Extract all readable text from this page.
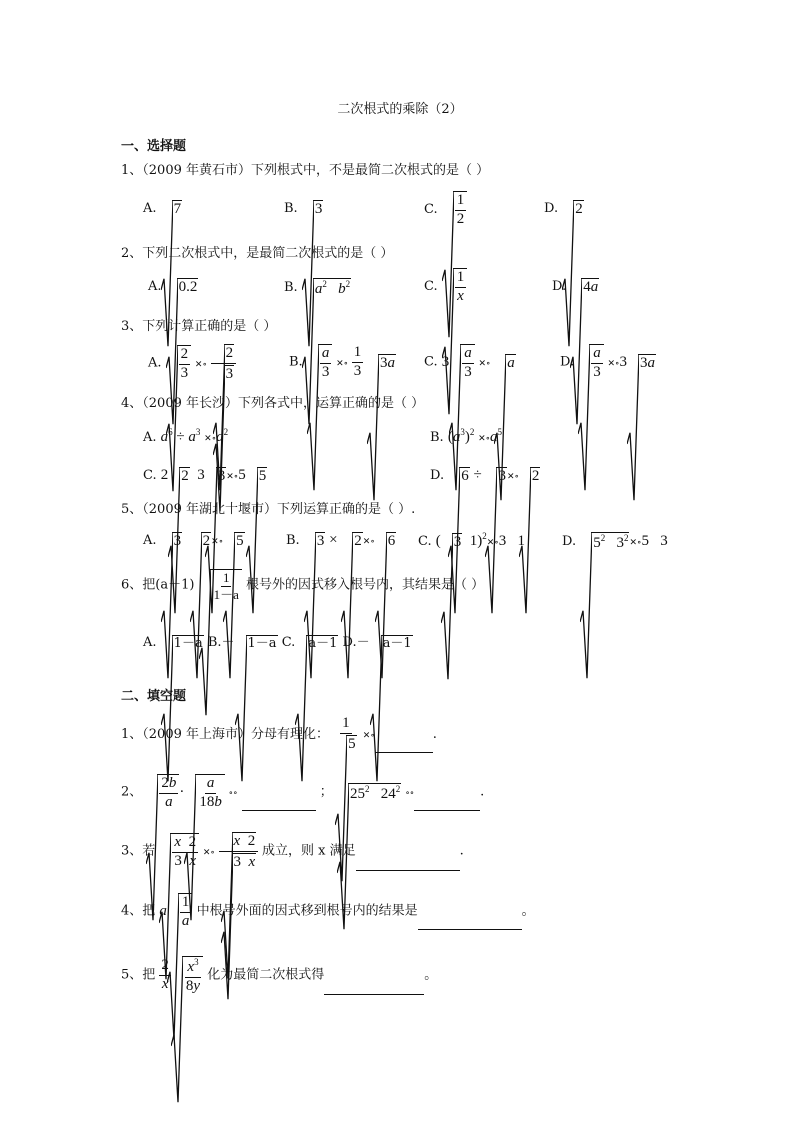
二次根式的乘除（2）
一、选择题
1、（2009 年黄石市）下列根式中，不是最简二次根式的是（ ）
A. 7	B. 3	C. $\frac{1}{2}$	D. 2
2、下列二次根式中，是最简二次根式的是（ ）
A. 0.2	B. $a^2$ $b^2$	C. $\frac{1}{x}$	D. 4a
3、下列计算正确的是（ ）
A. $\frac{2}{3}$ ✕∘ $\frac{2}{3}$	B. $\frac{a}{3}$ ✕∘ $\frac{1}{3}$
3a C. $3 \frac{a}{3}$ ✕∘ a	D. $\frac{a}{3}$ ✕∘3 3a
4、（2009 年长沙）下列各式中，运算正确的是（ ）
A. $a^6 \div a^3$ $✕\circ a^2$	B. $(a^3)^2$ $✕\circ a^5$
C. 2 2  3 3✕∘5 5	D. 6 ÷
3✕∘ 2
5、（2009 年湖北十堰市）下列运算正确的是（ ）.
A. 3 2✕∘ 5	B. 3 ×
2✕∘ 6 C. ( 3  1)$^2$✕∘3   1	D. $5^2$   $3^2✕\circ 5$   3
6、把$(a-1) \frac{1}{1-a}$ 根号外的因式移入根号内，其结果是（ ）
A. 1－a B.－ 1－a C. a－1 D.－ a－1
二、填空题
1、（2009 年上海市）分母有理化： $\frac{1}{5}$ ✕∘	.
2、 $\frac{2b}{a} \cdot \frac{a}{18b}$ ∘∘	； $25^2$   $24^2$ ∘∘	.
3、若 $\frac{x 2}{3 x}$ ✕∘ $\frac{x 2}{3 x}$ 成立，则 x 满足	.
4、把 a $\frac{1}{a}$ 中根号外面的因式移到根号内的结果是	。
5、把 $\frac{2}{x} \frac{x^3}{8y}$ 化为最简二次根式得	。
